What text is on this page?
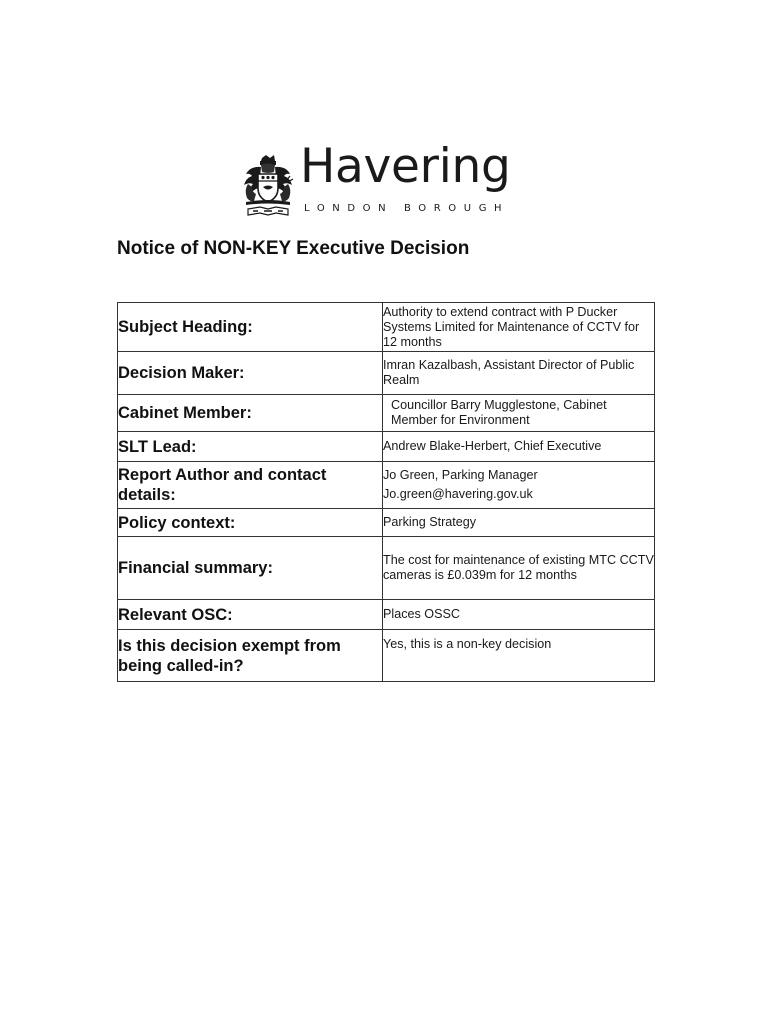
Havering
LONDON BOROUGH
Notice of NON-KEY Executive Decision
Subject Heading:	Authority to extend contract with P Ducker Systems Limited for Maintenance of CCTV for 12 months
Decision Maker:	Imran Kazalbash, Assistant Director of Public Realm
Cabinet Member:	Councillor Barry Mugglestone, Cabinet Member for Environment

SLT Lead:	Andrew Blake-Herbert, Chief Executive
Report Author and contact details:	Jo Green, Parking Manager
Jo.green@havering.gov.uk

Policy context:	Parking Strategy
Financial summary:	The cost for maintenance of existing MTC CCTV cameras is £0.039m for 12 months
Relevant OSC:	Places OSSC
Is this decision exempt from being called-in?	Yes, this is a non-key decision
